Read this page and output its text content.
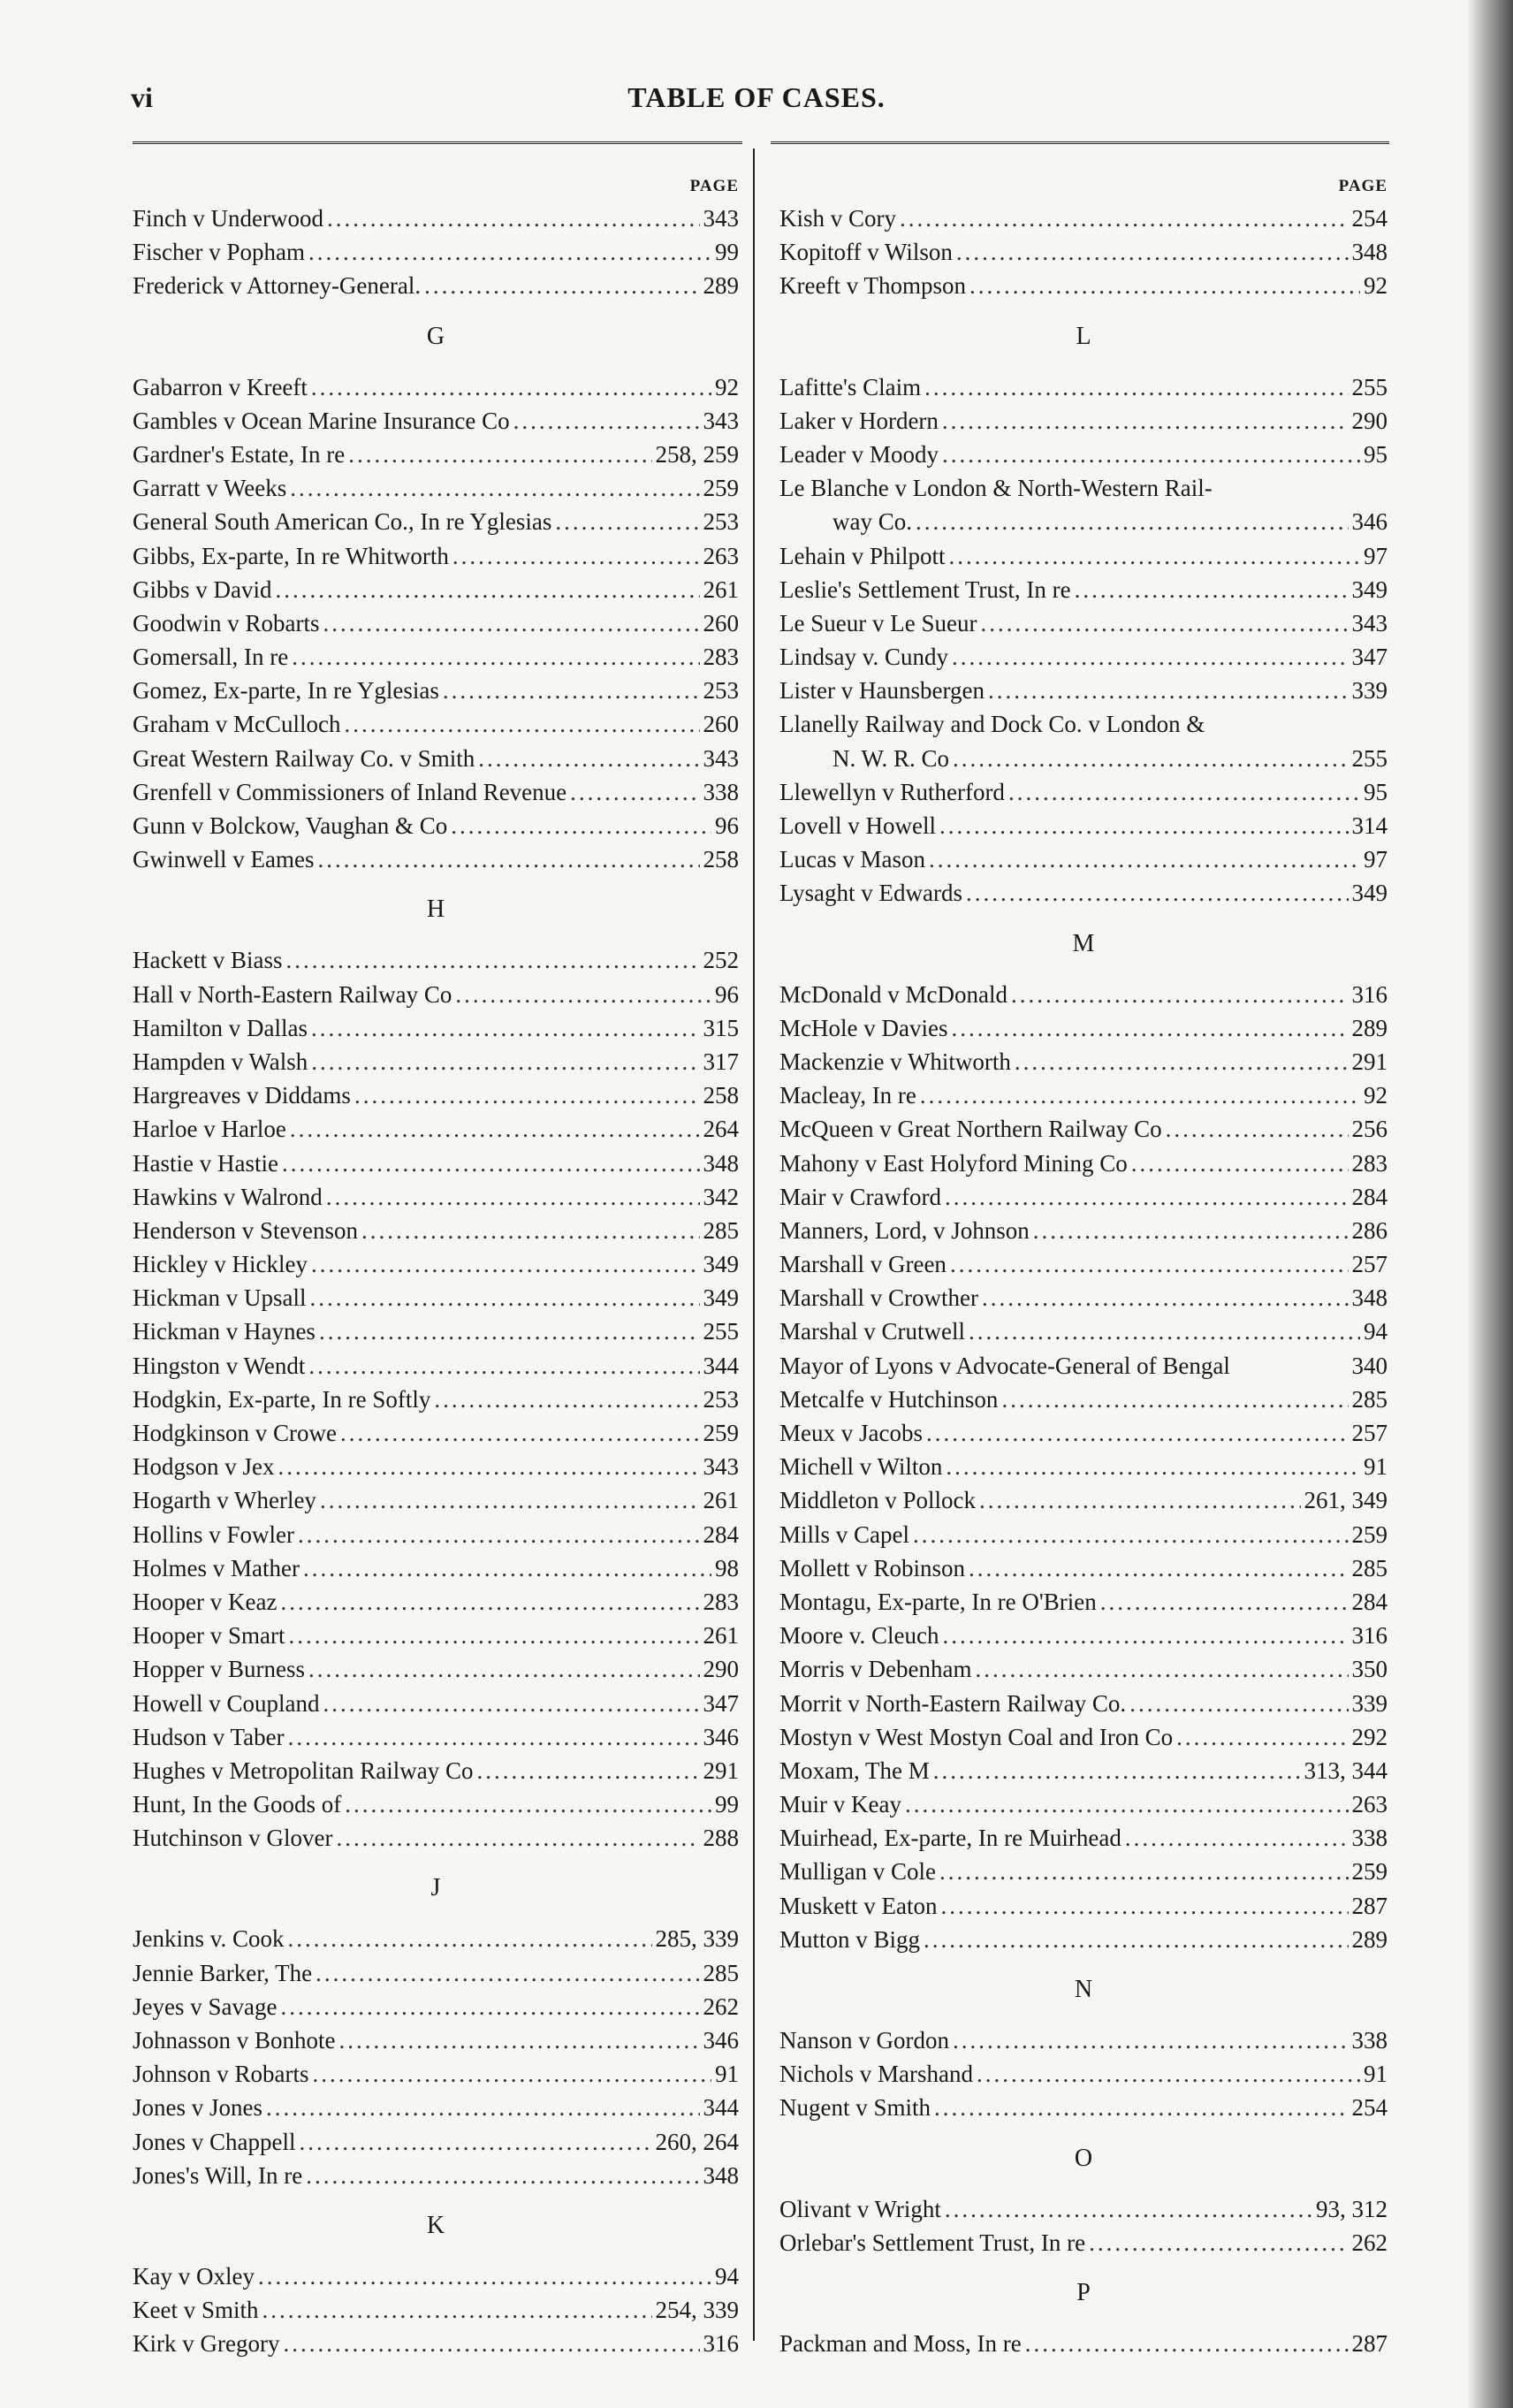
vi	TABLE OF CASES.
PAGE
Finch v Underwood .....	343
Fischer v Popham .....	99
Frederick v Attorney-General. .....	289
G
Gabarron v Kreeft .....	92
Gambles v Ocean Marine Insurance Co .....	343
Gardner's Estate, In re .....	258, 259
Garratt v Weeks .....	259
General South American Co., In re Yglesias .....	253
Gibbs, Ex-parte, In re Whitworth .....	263
Gibbs v David .....	261
Goodwin v Robarts .....	260
Gomersall, In re .....	283
Gomez, Ex-parte, In re Yglesias .....	253
Graham v McCulloch .....	260
Great Western Railway Co. v Smith .....	343
Grenfell v Commissioners of Inland Revenue .....	338
Gunn v Bolckow, Vaughan & Co .....	96
Gwinwell v Eames .....	258
H
Hackett v Biass .....	252
Hall v North-Eastern Railway Co .....	96
Hamilton v Dallas .....	315
Hampden v Walsh .....	317
Hargreaves v Diddams .....	258
Harloe v Harloe .....	264
Hastie v Hastie .....	348
Hawkins v Walrond .....	342
Henderson v Stevenson .....	285
Hickley v Hickley .....	349
Hickman v Upsall .....	349
Hickman v Haynes .....	255
Hingston v Wendt .....	344
Hodgkin, Ex-parte, In re Softly .....	253
Hodgkinson v Crowe .....	259
Hodgson v Jex .....	343
Hogarth v Wherley .....	261
Hollins v Fowler .....	284
Holmes v Mather .....	98
Hooper v Keaz .....	283
Hooper v Smart .....	261
Hopper v Burness .....	290
Howell v Coupland .....	347
Hudson v Taber .....	346
Hughes v Metropolitan Railway Co .....	291
Hunt, In the Goods of .....	99
Hutchinson v Glover .....	288
J
Jenkins v. Cook .....	285, 339
Jennie Barker, The .....	285
Jeyes v Savage .....	262
Johnasson v Bonhote .....	346
Johnson v Robarts .....	91
Jones v Jones .....	344
Jones v Chappell .....	260, 264
Jones's Will, In re .....	348
K
Kay v Oxley .....	94
Keet v Smith .....	254, 339
Kirk v Gregory .....	316
PAGE
Kish v Cory .....	254
Kopitoff v Wilson .....	348
Kreeft v Thompson .....	92
L
Lafitte's Claim .....	255
Laker v Hordern .....	290
Leader v Moody .....	95
Le Blanche v London & North-Western Rail-
way Co. .....	346
Lehain v Philpott .....	97
Leslie's Settlement Trust, In re .....	349
Le Sueur v Le Sueur .....	343
Lindsay v. Cundy .....	347
Lister v Haunsbergen .....	339
Llanelly Railway and Dock Co. v London &
N. W. R. Co .....	255
Llewellyn v Rutherford .....	95
Lovell v Howell .....	314
Lucas v Mason .....	97
Lysaght v Edwards .....	349
M
McDonald v McDonald .....	316
McHole v Davies .....	289
Mackenzie v Whitworth .....	291
Macleay, In re .....	92
McQueen v Great Northern Railway Co .....	256
Mahony v East Holyford Mining Co .....	283
Mair v Crawford .....	284
Manners, Lord, v Johnson .....	286
Marshall v Green .....	257
Marshall v Crowther .....	348
Marshal v Crutwell .....	94
Mayor of Lyons v Advocate-General of Bengal	340
Metcalfe v Hutchinson .....	285
Meux v Jacobs .....	257
Michell v Wilton .....	91
Middleton v Pollock .....	261, 349
Mills v Capel .....	259
Mollett v Robinson .....	285
Montagu, Ex-parte, In re O'Brien .....	284
Moore v. Cleuch .....	316
Morris v Debenham .....	350
Morrit v North-Eastern Railway Co. .....	339
Mostyn v West Mostyn Coal and Iron Co .....	292
Moxam, The M .....	313, 344
Muir v Keay .....	263
Muirhead, Ex-parte, In re Muirhead .....	338
Mulligan v Cole .....	259
Muskett v Eaton .....	287
Mutton v Bigg .....	289
N
Nanson v Gordon .....	338
Nichols v Marshand .....	91
Nugent v Smith .....	254
O
Olivant v Wright .....	93, 312
Orlebar's Settlement Trust, In re .....	262
P
Packman and Moss, In re .....	287
